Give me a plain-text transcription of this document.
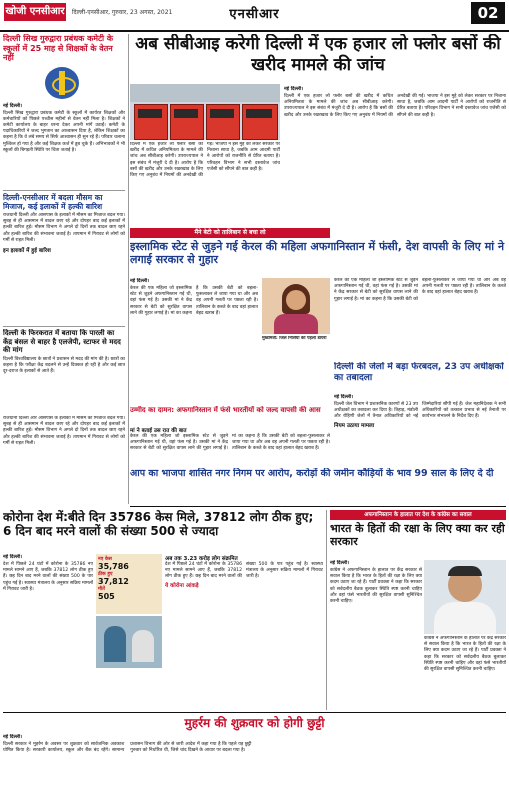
खोजी एनसीआर दिल्ली-एनसीआर, गुरुवार, 23 अगस्त, 2021	एनसीआर	02

दिल्ली सिख गुरुद्वारा प्रबंधक कमेटी के स्कूलों में 25 माह से शिक्षकों के वेतन नहीं

नई दिल्ली।

दिल्ली सिख गुरुद्वारा प्रबंधक कमेटी के स्कूलों में कार्यरत शिक्षकों और कर्मचारियों को पिछले पच्चीस महीनों से वेतन नहीं मिला है। शिक्षकों ने कमेटी कार्यालय के बाहर धरना देकर अपनी मांगें उठाईं। कमेटी के पदाधिकारियों ने जल्द भुगतान का आश्वासन दिया है, लेकिन शिक्षकों का कहना है कि वे लंबे समय से सिर्फ आश्वासन ही सुन रहे हैं। परिवार चलाना मुश्किल हो गया है और कई शिक्षक कर्ज में डूब चुके हैं। अभिभावकों ने भी स्कूलों की बिगड़ती स्थिति पर चिंता जताई है।

अब सीबीआइ करेगी दिल्ली में एक हजार लो फ्लोर बसों की खरीद मामले की जांच

नई दिल्ली।

दिल्ली में एक हजार लो फ्लोर बसों की खरीद में कथित अनियमितता के मामले की जांच अब सीबीआइ करेगी। उपराज्यपाल ने इस संबंध में मंजूरी दे दी है। आरोप है कि बसों की खरीद और उनके रखरखाव के लिए किए गए अनुबंध में नियमों की अनदेखी की गई। भाजपा ने इस मुद्दे को लेकर सरकार पर निशाना साधा है, जबकि आम आदमी पार्टी ने आरोपों को राजनीति से प्रेरित बताया है। परिवहन विभाग ने सभी दस्तावेज जांच एजेंसी को सौंपने की बात कही है।

दिल्ली में एक हजार लो फ्लोर बसों की खरीद में कथित अनियमितता के मामले की जांच अब सीबीआइ करेगी। उपराज्यपाल ने इस संबंध में मंजूरी दे दी है। आरोप है कि बसों की खरीद और उनके रखरखाव के लिए किए गए अनुबंध में नियमों की अनदेखी की गई। भाजपा ने इस मुद्दे को लेकर सरकार पर निशाना साधा है, जबकि आम आदमी पार्टी ने आरोपों को राजनीति से प्रेरित बताया है। परिवहन विभाग ने सभी दस्तावेज जांच एजेंसी को सौंपने की बात कही है।

दिल्ली-एनसीआर में बदला मौसम का मिजाज, कई इलाकों में हल्की बारिश

राजधानी दिल्ली और आसपास के इलाकों में मौसम का मिजाज बदल गया। सुबह से ही आसमान में बादल छाए रहे और दोपहर बाद कई इलाकों में हल्की बारिश हुई। मौसम विभाग ने अगले दो दिनों तक बादल छाए रहने और हल्की बारिश की संभावना जताई है। तापमान में गिरावट से लोगों को गर्मी से राहत मिली।

इन इलाकों में हुई बारिश

दिल्ली के फिरकरात में बताया कि पारली का केंद्र बंसल से बाहर है एलजेपी, स्टाफर से मदद की मांग

दिल्ली विश्वविद्यालय के छात्रों ने प्रशासन से मदद की मांग की है। छात्रों का कहना है कि परीक्षा केंद्र बदलने से उन्हें दिक्कत हो रही है और कई छात्र दूर-दराज के इलाकों से आते हैं।

मैंने बेटी को तालिबान से बचा लो

इस्लामिक स्टेट से जुड़ने गई केरल की महिला अफगानिस्तान में फंसी, देश वापसी के लिए मां ने लगाई सरकार से गुहार

नई दिल्ली।

केरल की एक महिला जो इस्लामिक स्टेट से जुड़ने अफगानिस्तान गई थी, वहां फंस गई है। उसकी मां ने केंद्र सरकार से बेटी को सुरक्षित वापस लाने की गुहार लगाई है। मां का कहना है कि उसकी बेटी को बहला-फुसलाकर ले जाया गया था और अब वह अपनी गलती पर पछता रही है। तालिबान के कब्जे के बाद वहां हालात बेहद खराब हैं।

मुख्यमंत्री: जिले निशिया की पहला डायरी

केरल की एक महिला जो इस्लामिक स्टेट से जुड़ने अफगानिस्तान गई थी, वहां फंस गई है। उसकी मां ने केंद्र सरकार से बेटी को सुरक्षित वापस लाने की गुहार लगाई है। मां का कहना है कि उसकी बेटी को बहला-फुसलाकर ले जाया गया था और अब वह अपनी गलती पर पछता रही है। तालिबान के कब्जे के बाद वहां हालात बेहद खराब हैं।

उम्मीद का दामन: अफगानिस्तान में फंसे भारतीयों को जल्द वापसी की आस

मां ने बताई उस रात की बात

केरल की एक महिला जो इस्लामिक स्टेट से जुड़ने अफगानिस्तान गई थी, वहां फंस गई है। उसकी मां ने केंद्र सरकार से बेटी को सुरक्षित वापस लाने की गुहार लगाई है। मां का कहना है कि उसकी बेटी को बहला-फुसलाकर ले जाया गया था और अब वह अपनी गलती पर पछता रही है। तालिबान के कब्जे के बाद वहां हालात बेहद खराब हैं।

दिल्ली की जेलों में बड़ा फेरबदल, 23 उप अधीक्षकों का तबादला

नई दिल्ली।

दिल्ली जेल विभाग ने प्रशासनिक कारणों से 23 उप अधीक्षकों का तबादला कर दिया है। तिहाड़, मंडोली और रोहिणी जेलों में तैनात अधिकारियों को नई जिम्मेदारियां सौंपी गई हैं। जेल महानिदेशक ने सभी अधिकारियों को तत्काल प्रभाव से नई तैनाती पर कार्यभार संभालने के निर्देश दिए हैं।

नियम उठाया मामला

राजधानी दिल्ली और आसपास के इलाकों में मौसम का मिजाज बदल गया। सुबह से ही आसमान में बादल छाए रहे और दोपहर बाद कई इलाकों में हल्की बारिश हुई। मौसम विभाग ने अगले दो दिनों तक बादल छाए रहने और हल्की बारिश की संभावना जताई है। तापमान में गिरावट से लोगों को गर्मी से राहत मिली।

कोरोना देश में:बीते दिन 35786 केस मिले, 37812 लोग ठीक हुए; 6 दिन बाद मरने वालों की संख्या 500 से ज्यादा

नई दिल्ली।

देश में पिछले 24 घंटों में कोरोना के 35786 नए मामले सामने आए हैं, जबकि 37812 लोग ठीक हुए हैं। छह दिन बाद मरने वालों की संख्या 500 के पार पहुंच गई है। स्वास्थ्य मंत्रालय के अनुसार सक्रिय मामलों में गिरावट जारी है।

नए केस
35,786
ठीक हुए
37,812
मौतें
505

अब तक 3.23 करोड़ लोग संक्रमित

देश में पिछले 24 घंटों में कोरोना के 35786 नए मामले सामने आए हैं, जबकि 37812 लोग ठीक हुए हैं। छह दिन बाद मरने वालों की संख्या 500 के पार पहुंच गई है। स्वास्थ्य मंत्रालय के अनुसार सक्रिय मामलों में गिरावट जारी है।

ये कोरोना आंकड़े

अफगानिस्तान के हालात पर देश के कांग्रेस का सवाल

भारत के हितों की रक्षा के लिए क्या कर रही सरकार

नई दिल्ली।

कांग्रेस ने अफगानिस्तान के हालात पर केंद्र सरकार से सवाल किया है कि भारत के हितों की रक्षा के लिए क्या कदम उठाए जा रहे हैं। पार्टी प्रवक्ता ने कहा कि सरकार को सर्वदलीय बैठक बुलाकर स्थिति स्पष्ट करनी चाहिए और वहां फंसे भारतीयों की सुरक्षित वापसी सुनिश्चित करनी चाहिए।

कांग्रेस ने अफगानिस्तान के हालात पर केंद्र सरकार से सवाल किया है कि भारत के हितों की रक्षा के लिए क्या कदम उठाए जा रहे हैं। पार्टी प्रवक्ता ने कहा कि सरकार को सर्वदलीय बैठक बुलाकर स्थिति स्पष्ट करनी चाहिए और वहां फंसे भारतीयों की सुरक्षित वापसी सुनिश्चित करनी चाहिए।

मुहर्रम की शुक्रवार को होगी छुट्टी

नई दिल्ली।

दिल्ली सरकार ने मुहर्रम के अवसर पर शुक्रवार को सार्वजनिक अवकाश घोषित किया है। सरकारी कार्यालय, स्कूल और बैंक बंद रहेंगे। सामान्य प्रशासन विभाग की ओर से जारी आदेश में कहा गया है कि पहले यह छुट्टी गुरुवार को निर्धारित थी, जिसे चांद दिखने के आधार पर बदला गया है।

आप का भाजपा शासित नगर निगम पर आरोप, करोड़ों की जमीन कौड़ियों के भाव 99 साल के लिए दे दी
